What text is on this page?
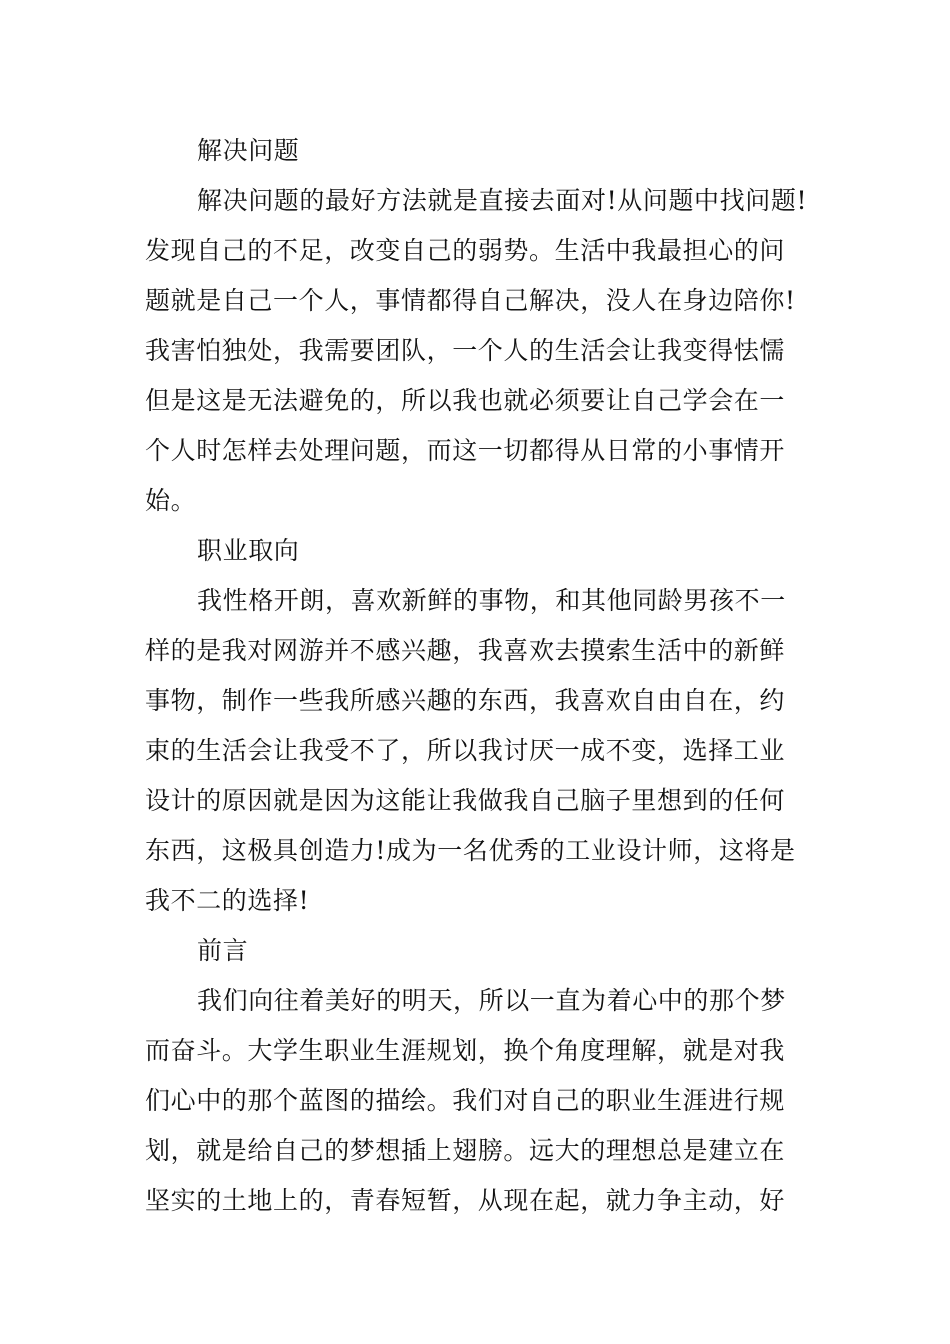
解决问题
解决问题的最好方法就是直接去面对!从问题中找问题!
发现自己的不足，改变自己的弱势。生活中我最担心的问
题就是自己一个人，事情都得自己解决，没人在身边陪你!
我害怕独处，我需要团队，一个人的生活会让我变得怯懦
但是这是无法避免的，所以我也就必须要让自己学会在一
个人时怎样去处理问题，而这一切都得从日常的小事情开
始。
职业取向
我性格开朗，喜欢新鲜的事物，和其他同龄男孩不一
样的是我对网游并不感兴趣，我喜欢去摸索生活中的新鲜
事物，制作一些我所感兴趣的东西，我喜欢自由自在，约
束的生活会让我受不了，所以我讨厌一成不变，选择工业
设计的原因就是因为这能让我做我自己脑子里想到的任何
东西，这极具创造力!成为一名优秀的工业设计师，这将是
我不二的选择!
前言
我们向往着美好的明天，所以一直为着心中的那个梦
而奋斗。大学生职业生涯规划，换个角度理解，就是对我
们心中的那个蓝图的描绘。我们对自己的职业生涯进行规
划，就是给自己的梦想插上翅膀。远大的理想总是建立在
坚实的土地上的，青春短暂，从现在起，就力争主动，好
